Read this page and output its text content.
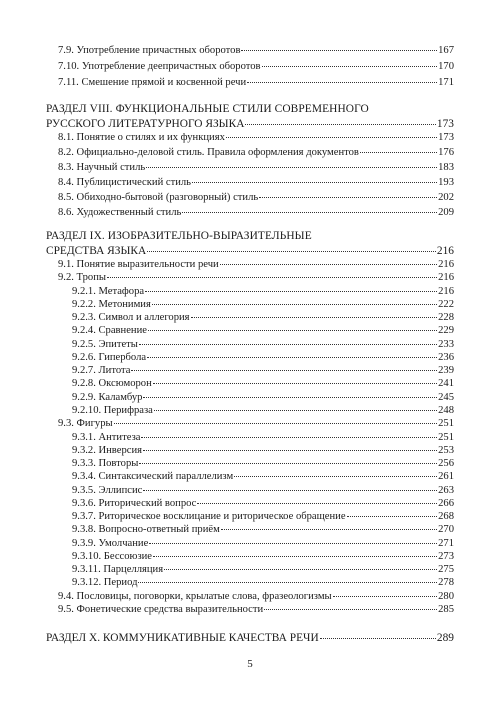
7.9. Употребление причастных оборотов	167
7.10. Употребление деепричастных оборотов	170
7.11. Смешение прямой и косвенной речи	171
РАЗДЕЛ VIII. ФУНКЦИОНАЛЬНЫЕ СТИЛИ СОВРЕМЕННОГО
РУССКОГО ЛИТЕРАТУРНОГО ЯЗЫКА	173
8.1. Понятие о стилях и их функциях	173
8.2. Официально-деловой стиль. Правила оформления документов	176
8.3. Научный стиль	183
8.4. Публицистический стиль	193
8.5. Обиходно-бытовой (разговорный) стиль	202
8.6. Художественный стиль	209
РАЗДЕЛ IX. ИЗОБРАЗИТЕЛЬНО-ВЫРАЗИТЕЛЬНЫЕ
СРЕДСТВА ЯЗЫКА	216
9.1. Понятие выразительности речи	216
9.2. Тропы	216
9.2.1. Метафора	216
9.2.2. Метонимия	222
9.2.3. Символ и аллегория	228
9.2.4. Сравнение	229
9.2.5. Эпитеты	233
9.2.6. Гипербола	236
9.2.7. Литота	239
9.2.8. Оксюморон	241
9.2.9. Каламбур	245
9.2.10. Перифраза	248
9.3. Фигуры	251
9.3.1. Антитеза	251
9.3.2. Инверсия	253
9.3.3. Повторы	256
9.3.4. Синтаксический параллелизм	261
9.3.5. Эллипсис	263
9.3.6. Риторический вопрос	266
9.3.7. Риторическое восклицание и риторическое обращение	268
9.3.8. Вопросно-ответный приём	270
9.3.9. Умолчание	271
9.3.10. Бессоюзие	273
9.3.11. Парцелляция	275
9.3.12. Период	278
9.4. Пословицы, поговорки, крылатые слова, фразеологизмы	280
9.5. Фонетические средства выразительности	285
РАЗДЕЛ X. КОММУНИКАТИВНЫЕ КАЧЕСТВА РЕЧИ	289
5
